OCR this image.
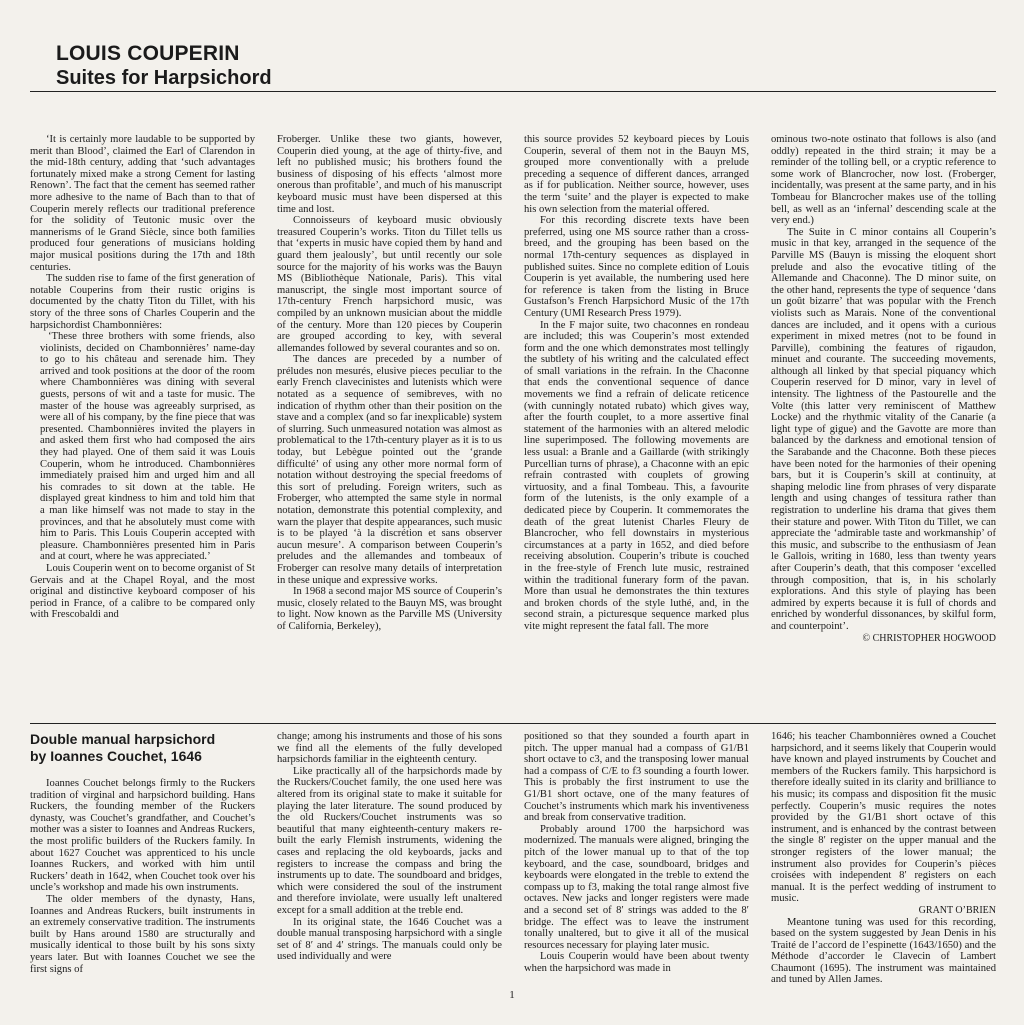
LOUIS COUPERIN
Suites for Harpsichord

‘It is certainly more laudable to be supported by merit than Blood’, claimed the Earl of Clarendon in the mid-18th century, adding that ‘such advantages fortunately mixed make a strong Cement for lasting Renown’. The fact that the cement has seemed rather more adhesive to the name of Bach than to that of Couperin merely reflects our traditional preference for the solidity of Teutonic music over the mannerisms of le Grand Siècle, since both families produced four generations of musicians holding major musical positions during the 17th and 18th centuries.

The sudden rise to fame of the first generation of notable Couperins from their rustic origins is documented by the chatty Titon du Tillet, with his story of the three sons of Charles Couperin and the harpsichordist Chambonnières:

‘These three brothers with some friends, also violinists, decided on Chambonnières’ name-day to go to his château and serenade him. They arrived and took positions at the door of the room where Chambonnières was dining with several guests, persons of wit and a taste for music. The master of the house was agreeably surprised, as were all of his company, by the fine piece that was presented. Chambonnières invited the players in and asked them first who had composed the airs they had played. One of them said it was Louis Couperin, whom he introduced. Chambonnières immediately praised him and urged him and all his comrades to sit down at the table. He displayed great kindness to him and told him that a man like himself was not made to stay in the provinces, and that he absolutely must come with him to Paris. This Louis Couperin accepted with pleasure. Chambonnières presented him in Paris and at court, where he was appreciated.’

Louis Couperin went on to become organist of St Gervais and at the Chapel Royal, and the most original and distinctive keyboard composer of his period in France, of a calibre to be compared only with Frescobaldi and

Froberger. Unlike these two giants, however, Couperin died young, at the age of thirty-five, and left no published music; his brothers found the business of disposing of his effects ‘almost more onerous than profitable’, and much of his manuscript keyboard music must have been dispersed at this time and lost.

Connoisseurs of keyboard music obviously treasured Couperin’s works. Titon du Tillet tells us that ‘experts in music have copied them by hand and guard them jealously’, but until recently our sole source for the majority of his works was the Bauyn MS (Bibliothèque Nationale, Paris). This vital manuscript, the single most important source of 17th-century French harpsichord music, was compiled by an unknown musician about the middle of the century. More than 120 pieces by Couperin are grouped according to key, with several allemandes followed by several courantes and so on.

The dances are preceded by a number of préludes non mesurés, elusive pieces peculiar to the early French clavecinistes and lutenists which were notated as a sequence of semibreves, with no indication of rhythm other than their position on the stave and a complex (and so far inexplicable) system of slurring. Such unmeasured notation was almost as problematical to the 17th-century player as it is to us today, but Lebègue pointed out the ‘grande difficulté’ of using any other more normal form of notation without destroying the special freedoms of this sort of preluding. Foreign writers, such as Froberger, who attempted the same style in normal notation, demonstrate this potential complexity, and warn the player that despite appearances, such music is to be played ‘à la discrétion et sans observer aucun mesure’. A comparison between Couperin’s preludes and the allemandes and tombeaux of Froberger can resolve many details of interpretation in these unique and expressive works.

In 1968 a second major MS source of Couperin’s music, closely related to the Bauyn MS, was brought to light. Now known as the Parville MS (University of California, Berkeley),

this source provides 52 keyboard pieces by Louis Couperin, several of them not in the Bauyn MS, grouped more conventionally with a prelude preceding a sequence of different dances, arranged as if for publication. Neither source, however, uses the term ‘suite’ and the player is expected to make his own selection from the material offered.

For this recording discrete texts have been preferred, using one MS source rather than a cross-breed, and the grouping has been based on the normal 17th-century sequences as displayed in published suites. Since no complete edition of Louis Couperin is yet available, the numbering used here for reference is taken from the listing in Bruce Gustafson’s French Harpsichord Music of the 17th Century (UMI Research Press 1979).

In the F major suite, two chaconnes en rondeau are included; this was Couperin’s most extended form and the one which demonstrates most tellingly the subtlety of his writing and the calculated effect of small variations in the refrain. In the Chaconne that ends the conventional sequence of dance movements we find a refrain of delicate reticence (with cunningly notated rubato) which gives way, after the fourth couplet, to a more assertive final statement of the harmonies with an altered melodic line superimposed. The following movements are less usual: a Branle and a Gaillarde (with strikingly Purcellian turns of phrase), a Chaconne with an epic refrain contrasted with couplets of growing virtuosity, and a final Tombeau. This, a favourite form of the lutenists, is the only example of a dedicated piece by Couperin. It commemorates the death of the great lutenist Charles Fleury de Blancrocher, who fell downstairs in mysterious circumstances at a party in 1652, and died before receiving absolution. Couperin’s tribute is couched in the free-style of French lute music, restrained within the traditional funerary form of the pavan. More than usual he demonstrates the thin textures and broken chords of the style luthé, and, in the second strain, a picturesque sequence marked plus vite might represent the fatal fall. The more

ominous two-note ostinato that follows is also (and oddly) repeated in the third strain; it may be a reminder of the tolling bell, or a cryptic reference to some work of Blancrocher, now lost. (Froberger, incidentally, was present at the same party, and in his Tombeau for Blancrocher makes use of the tolling bell, as well as an ‘infernal’ descending scale at the very end.)

The Suite in C minor contains all Couperin’s music in that key, arranged in the sequence of the Parville MS (Bauyn is missing the eloquent short prelude and also the evocative titling of the Allemande and Chaconne). The D minor suite, on the other hand, represents the type of sequence ‘dans un goût bizarre’ that was popular with the French violists such as Marais. None of the conventional dances are included, and it opens with a curious experiment in mixed metres (not to be found in Parville), combining the features of rigaudon, minuet and courante. The succeeding movements, although all linked by that special piquancy which Couperin reserved for D minor, vary in level of intensity. The lightness of the Pastourelle and the Volte (this latter very reminiscent of Matthew Locke) and the rhythmic vitality of the Canarie (a light type of gigue) and the Gavotte are more than balanced by the darkness and emotional tension of the Sarabande and the Chaconne. Both these pieces have been noted for the harmonies of their opening bars, but it is Couperin’s skill at continuity, at shaping melodic line from phrases of very disparate length and using changes of tessitura rather than registration to underline his drama that gives them their stature and power. With Titon du Tillet, we can appreciate the ‘admirable taste and workmanship’ of this music, and subscribe to the enthusiasm of Jean le Gallois, writing in 1680, less than twenty years after Couperin’s death, that this composer ‘excelled through composition, that is, in his scholarly explorations. And this style of playing has been admired by experts because it is full of chords and enriched by wonderful dissonances, by skilful form, and counterpoint’.

© CHRISTOPHER HOGWOOD

Double manual harpsichord
by Ioannes Couchet, 1646

Ioannes Couchet belongs firmly to the Ruckers tradition of virginal and harpsichord building. Hans Ruckers, the founding member of the Ruckers dynasty, was Couchet’s grandfather, and Couchet’s mother was a sister to Ioannes and Andreas Ruckers, the most prolific builders of the Ruckers family. In about 1627 Couchet was apprenticed to his uncle Ioannes Ruckers, and worked with him until Ruckers’ death in 1642, when Couchet took over his uncle’s workshop and made his own instruments.

The older members of the dynasty, Hans, Ioannes and Andreas Ruckers, built instruments in an extremely conservative tradition. The instruments built by Hans around 1580 are structurally and musically identical to those built by his sons sixty years later. But with Ioannes Couchet we see the first signs of

change; among his instruments and those of his sons we find all the elements of the fully developed harpsichords familiar in the eighteenth century.

Like practically all of the harpsichords made by the Ruckers/Couchet family, the one used here was altered from its original state to make it suitable for playing the later literature. The sound produced by the old Ruckers/Couchet instruments was so beautiful that many eighteenth-century makers re-built the early Flemish instruments, widening the cases and replacing the old keyboards, jacks and registers to increase the compass and bring the instruments up to date. The soundboard and bridges, which were considered the soul of the instrument and therefore inviolate, were usually left unaltered except for a small addition at the treble end.

In its original state, the 1646 Couchet was a double manual transposing harpsichord with a single set of 8′ and 4′ strings. The manuals could only be used individually and were

positioned so that they sounded a fourth apart in pitch. The upper manual had a compass of G1/B1 short octave to c3, and the transposing lower manual had a compass of C/E to f3 sounding a fourth lower. This is probably the first instrument to use the G1/B1 short octave, one of the many features of Couchet’s instruments which mark his inventiveness and break from conservative tradition.

Probably around 1700 the harpsichord was modernized. The manuals were aligned, bringing the pitch of the lower manual up to that of the top keyboard, and the case, soundboard, bridges and keyboards were elongated in the treble to extend the compass up to f3, making the total range almost five octaves. New jacks and longer registers were made and a second set of 8′ strings was added to the 8′ bridge. The effect was to leave the instrument tonally unaltered, but to give it all of the musical resources necessary for playing later music.

Louis Couperin would have been about twenty when the harpsichord was made in

1646; his teacher Chambonnières owned a Couchet harpsichord, and it seems likely that Couperin would have known and played instruments by Couchet and members of the Ruckers family. This harpsichord is therefore ideally suited in its clarity and brilliance to his music; its compass and disposition fit the music perfectly. Couperin’s music requires the notes provided by the G1/B1 short octave of this instrument, and is enhanced by the contrast between the single 8′ register on the upper manual and the stronger registers of the lower manual; the instrument also provides for Couperin’s pièces croisées with independent 8′ registers on each manual. It is the perfect wedding of instrument to music.

GRANT O’BRIEN

Meantone tuning was used for this recording, based on the system suggested by Jean Denis in his Traité de l’accord de l’espinette (1643/1650) and the Méthode d’accorder le Clavecin of Lambert Chaumont (1695). The instrument was maintained and tuned by Allen James.

1
